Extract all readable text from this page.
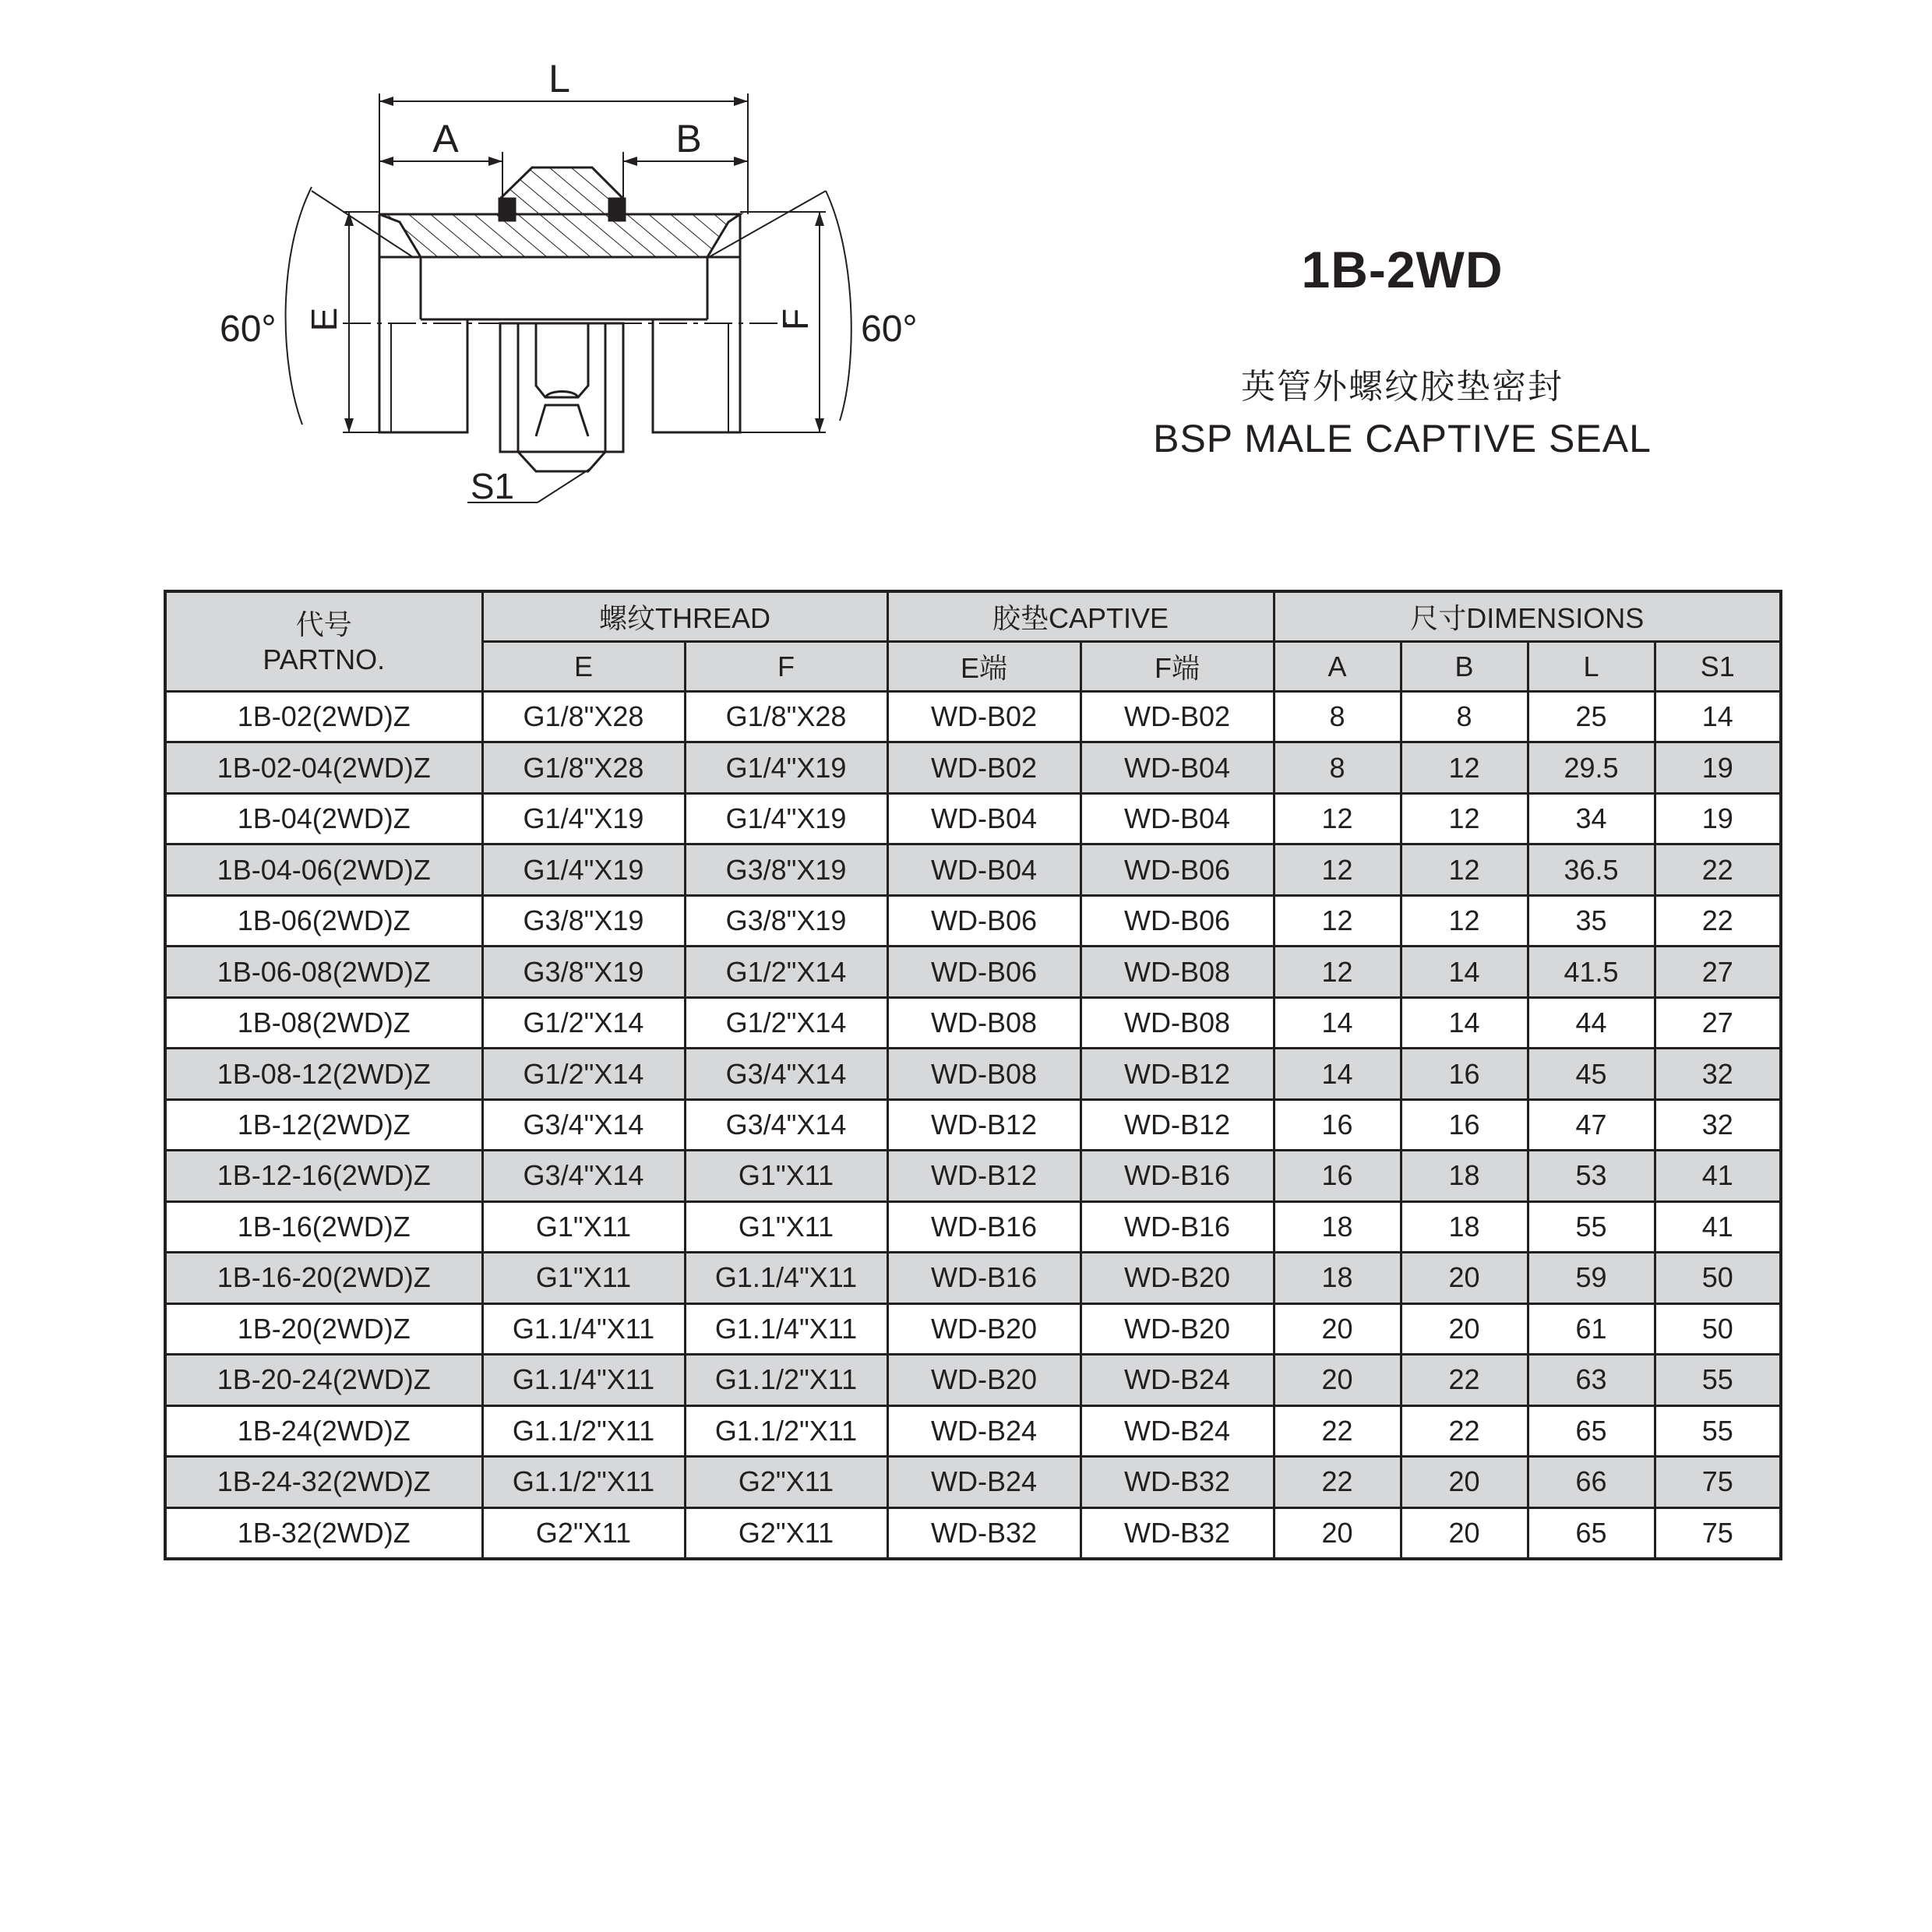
L
A	B
E	F
S1
60°	60°
1B-2WD
英管外螺纹胶垫密封
BSP MALE CAPTIVE SEAL
代号
PARTNO.	螺纹THREAD		胶垫CAPTIVE		尺寸DIMENSIONS			
	E	F	E端	F端	A	B	L	S1
1B-02(2WD)Z	G1/8"X28	G1/8"X28	WD-B02	WD-B02	8	8	25	14
1B-02-04(2WD)Z	G1/8"X28	G1/4"X19	WD-B02	WD-B04	8	12	29.5	19
1B-04(2WD)Z	G1/4"X19	G1/4"X19	WD-B04	WD-B04	12	12	34	19
1B-04-06(2WD)Z	G1/4"X19	G3/8"X19	WD-B04	WD-B06	12	12	36.5	22
1B-06(2WD)Z	G3/8"X19	G3/8"X19	WD-B06	WD-B06	12	12	35	22
1B-06-08(2WD)Z	G3/8"X19	G1/2"X14	WD-B06	WD-B08	12	14	41.5	27
1B-08(2WD)Z	G1/2"X14	G1/2"X14	WD-B08	WD-B08	14	14	44	27
1B-08-12(2WD)Z	G1/2"X14	G3/4"X14	WD-B08	WD-B12	14	16	45	32
1B-12(2WD)Z	G3/4"X14	G3/4"X14	WD-B12	WD-B12	16	16	47	32
1B-12-16(2WD)Z	G3/4"X14	G1"X11	WD-B12	WD-B16	16	18	53	41
1B-16(2WD)Z	G1"X11	G1"X11	WD-B16	WD-B16	18	18	55	41
1B-16-20(2WD)Z	G1"X11	G1.1/4"X11	WD-B16	WD-B20	18	20	59	50
1B-20(2WD)Z	G1.1/4"X11	G1.1/4"X11	WD-B20	WD-B20	20	20	61	50
1B-20-24(2WD)Z	G1.1/4"X11	G1.1/2"X11	WD-B20	WD-B24	20	22	63	55
1B-24(2WD)Z	G1.1/2"X11	G1.1/2"X11	WD-B24	WD-B24	22	22	65	55
1B-24-32(2WD)Z	G1.1/2"X11	G2"X11	WD-B24	WD-B32	22	20	66	75
1B-32(2WD)Z	G2"X11	G2"X11	WD-B32	WD-B32	20	20	65	75
